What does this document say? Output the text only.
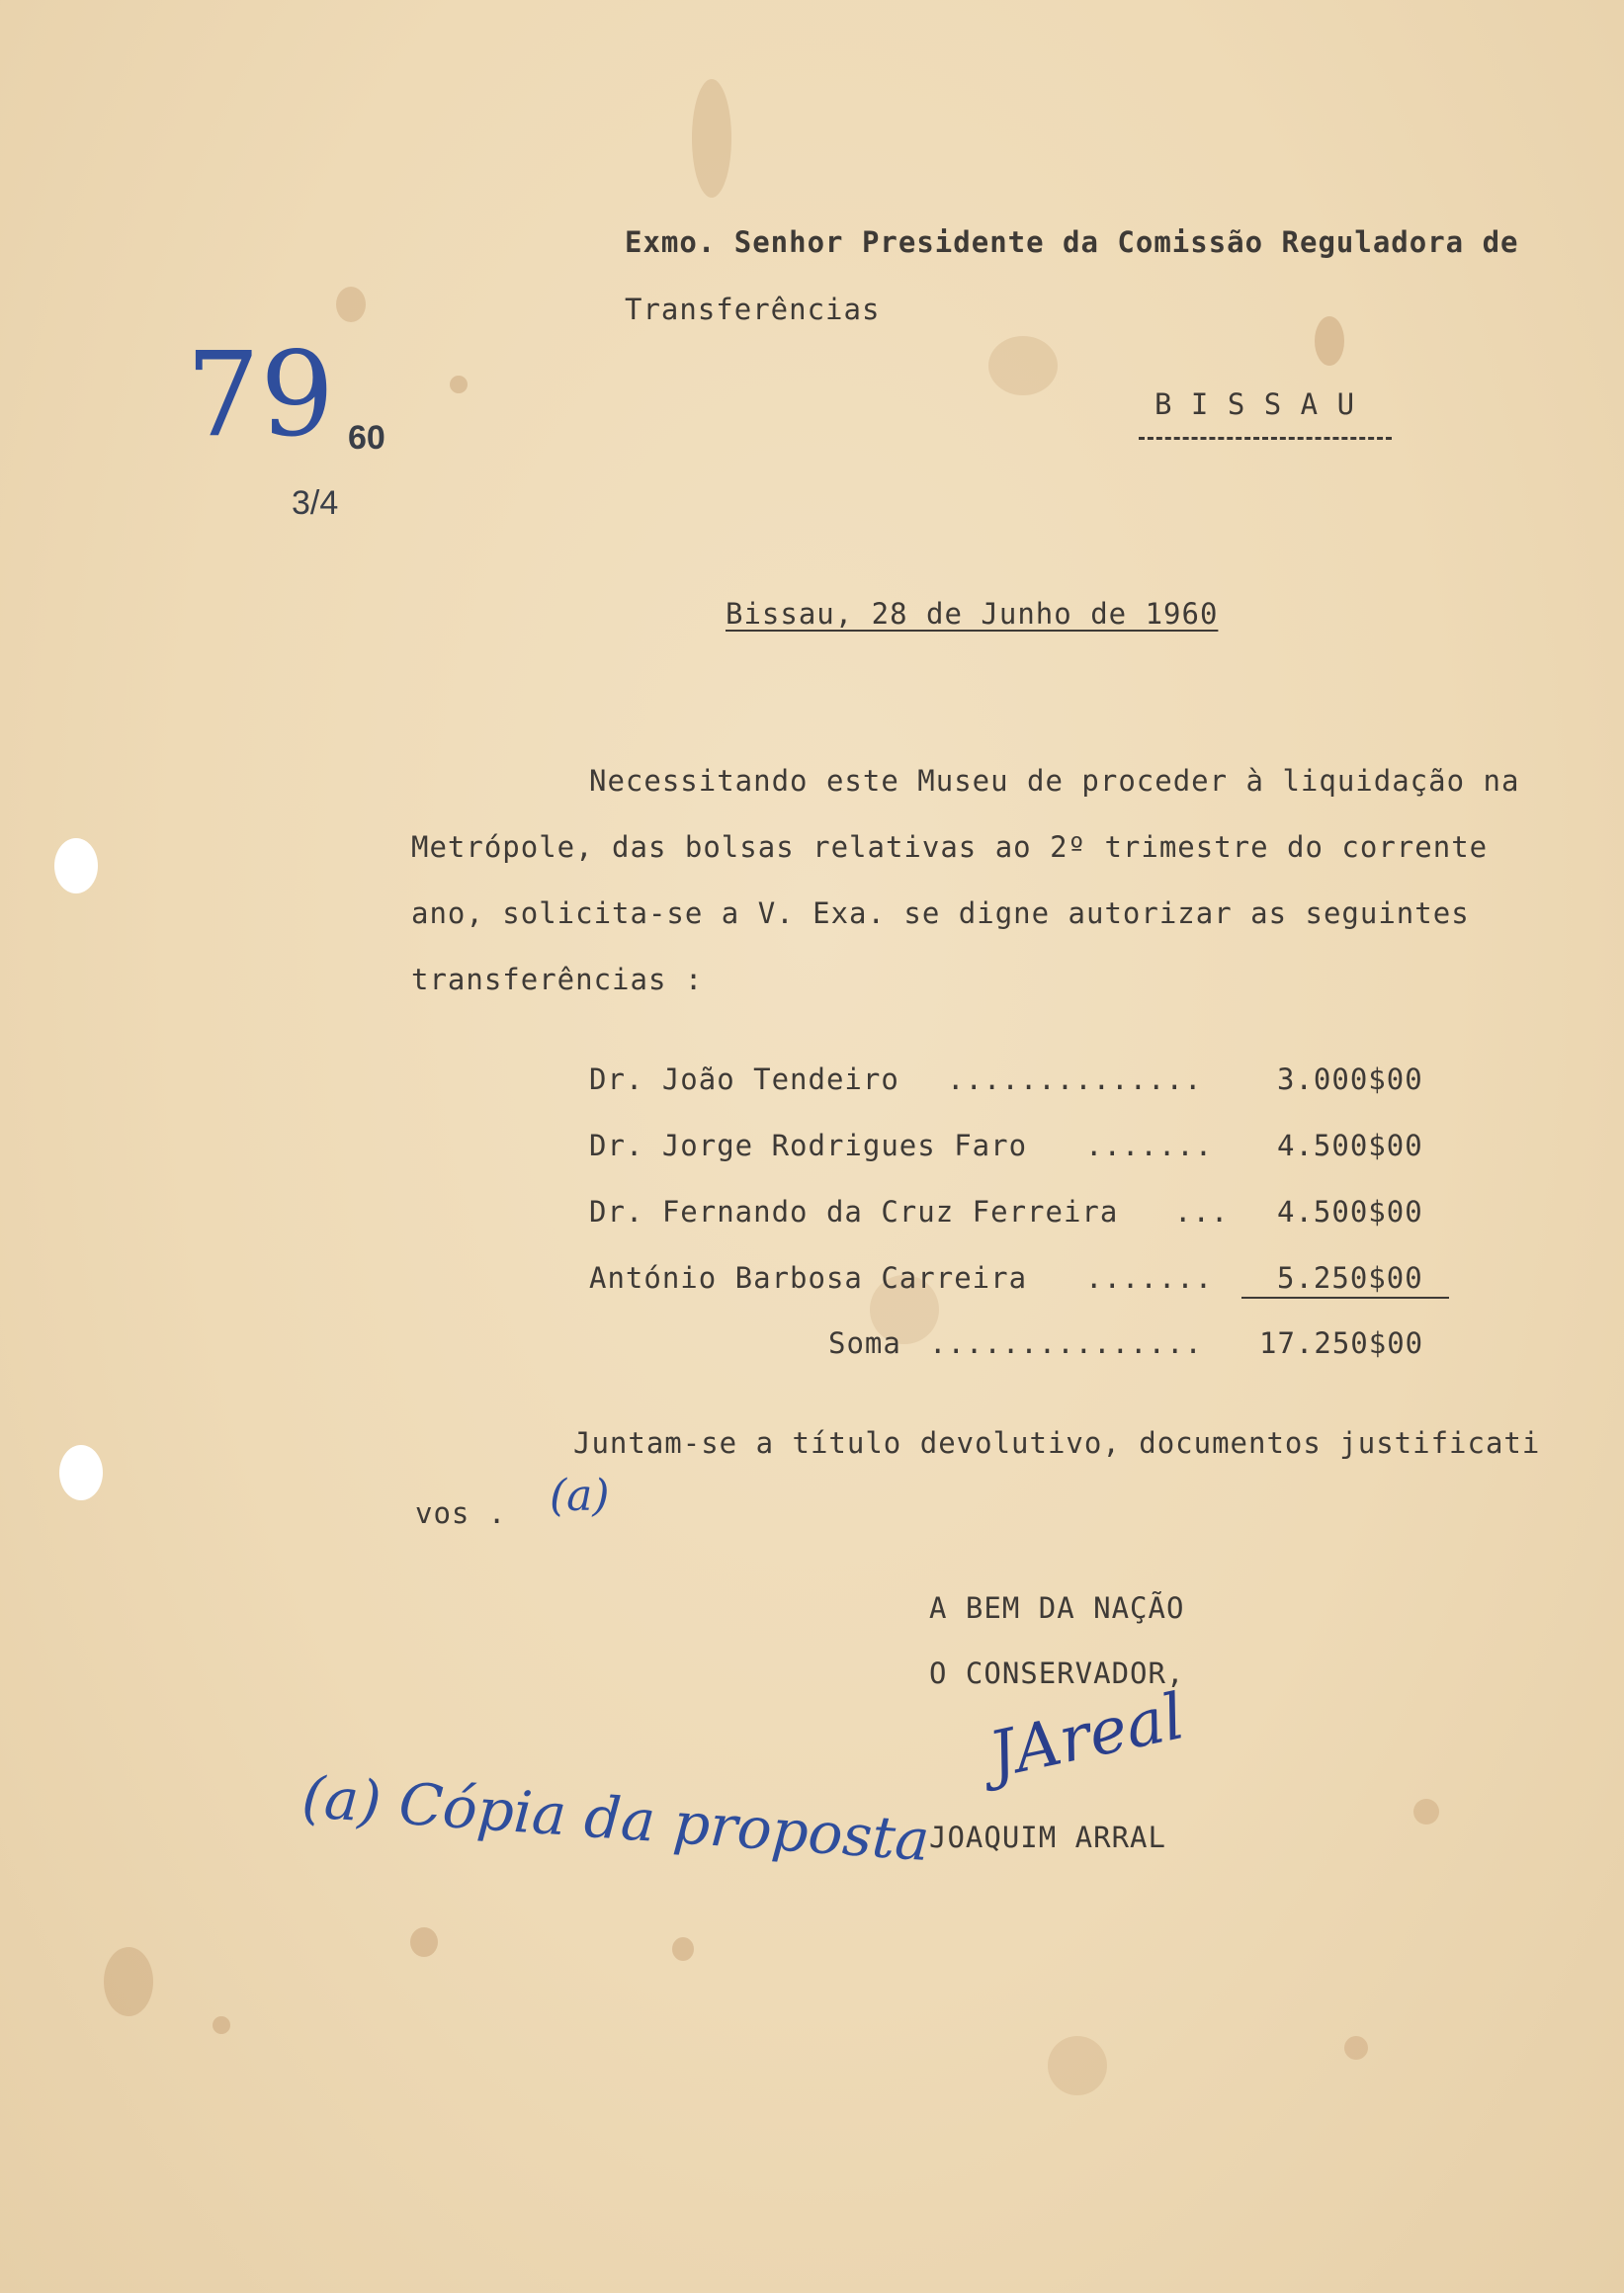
Exmo. Senhor Presidente da Comissão Reguladora de
Transferências
B I S S A U
79 60
3/4
Bissau, 28 de Junho de 1960
Necessitando este Museu de proceder à liquidação na
Metrópole, das bolsas relativas ao 2º trimestre do corrente
ano, solicita-se a V. Exa. se digne autorizar as seguintes
transferências :
Dr. João Tendeiro ..............	3.000$00
Dr. Jorge Rodrigues Faro ....... 4.500$00
Dr. Fernando da Cruz Ferreira ... 4.500$00
António Barbosa Carreira ....... 5.250$00
Soma ............... 17.250$00
Juntam-se a título devolutivo, documentos justificati
vos . (a)
A BEM DA NAÇÃO
O CONSERVADOR,
JAreal
JOAQUIM ARRAL
(a) Cópia da proposta
